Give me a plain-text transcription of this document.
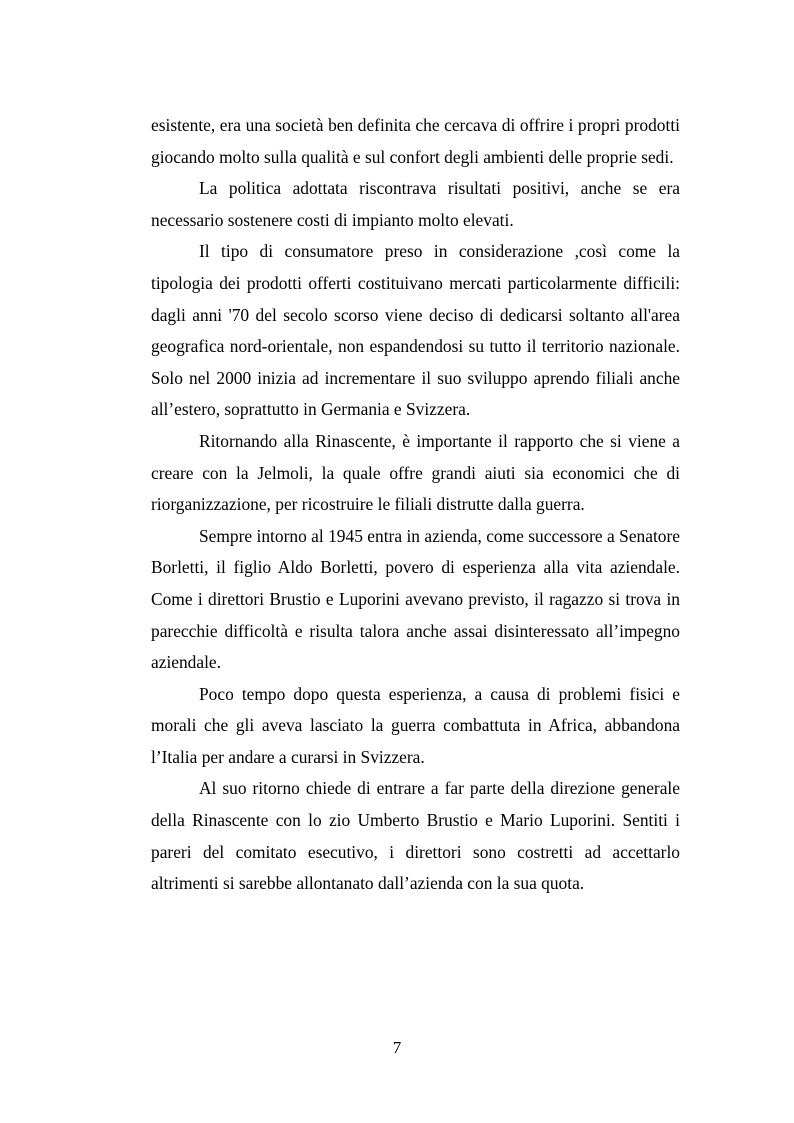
esistente, era una società ben definita che cercava di offrire i propri prodotti giocando molto sulla qualità e sul confort degli ambienti delle proprie sedi.

La politica adottata riscontrava risultati positivi, anche se era necessario sostenere costi di impianto molto elevati.

Il tipo di consumatore preso in considerazione ,così come la tipologia dei prodotti offerti costituivano mercati particolarmente difficili: dagli anni '70 del secolo scorso viene deciso di dedicarsi soltanto all'area geografica nord-orientale, non espandendosi su tutto il territorio nazionale. Solo nel 2000 inizia ad incrementare il suo sviluppo aprendo filiali anche all’estero, soprattutto in Germania e Svizzera.

Ritornando alla Rinascente, è importante il rapporto che si viene a creare con la Jelmoli, la quale offre grandi aiuti sia economici che di riorganizzazione, per ricostruire le filiali distrutte dalla guerra.

Sempre intorno al 1945 entra in azienda, come successore a Senatore Borletti, il figlio Aldo Borletti, povero di esperienza alla vita aziendale. Come i direttori Brustio e Luporini avevano previsto, il ragazzo si trova in parecchie difficoltà e risulta talora anche assai disinteressato all’impegno aziendale.

Poco tempo dopo questa esperienza, a causa di problemi fisici e morali che gli aveva lasciato la guerra combattuta in Africa, abbandona l’Italia per andare a curarsi in Svizzera.

Al suo ritorno chiede di entrare a far parte della direzione generale della Rinascente con lo zio Umberto Brustio e Mario Luporini. Sentiti i pareri del comitato esecutivo, i direttori sono costretti ad accettarlo altrimenti si sarebbe allontanato dall’azienda con la sua quota.

7
